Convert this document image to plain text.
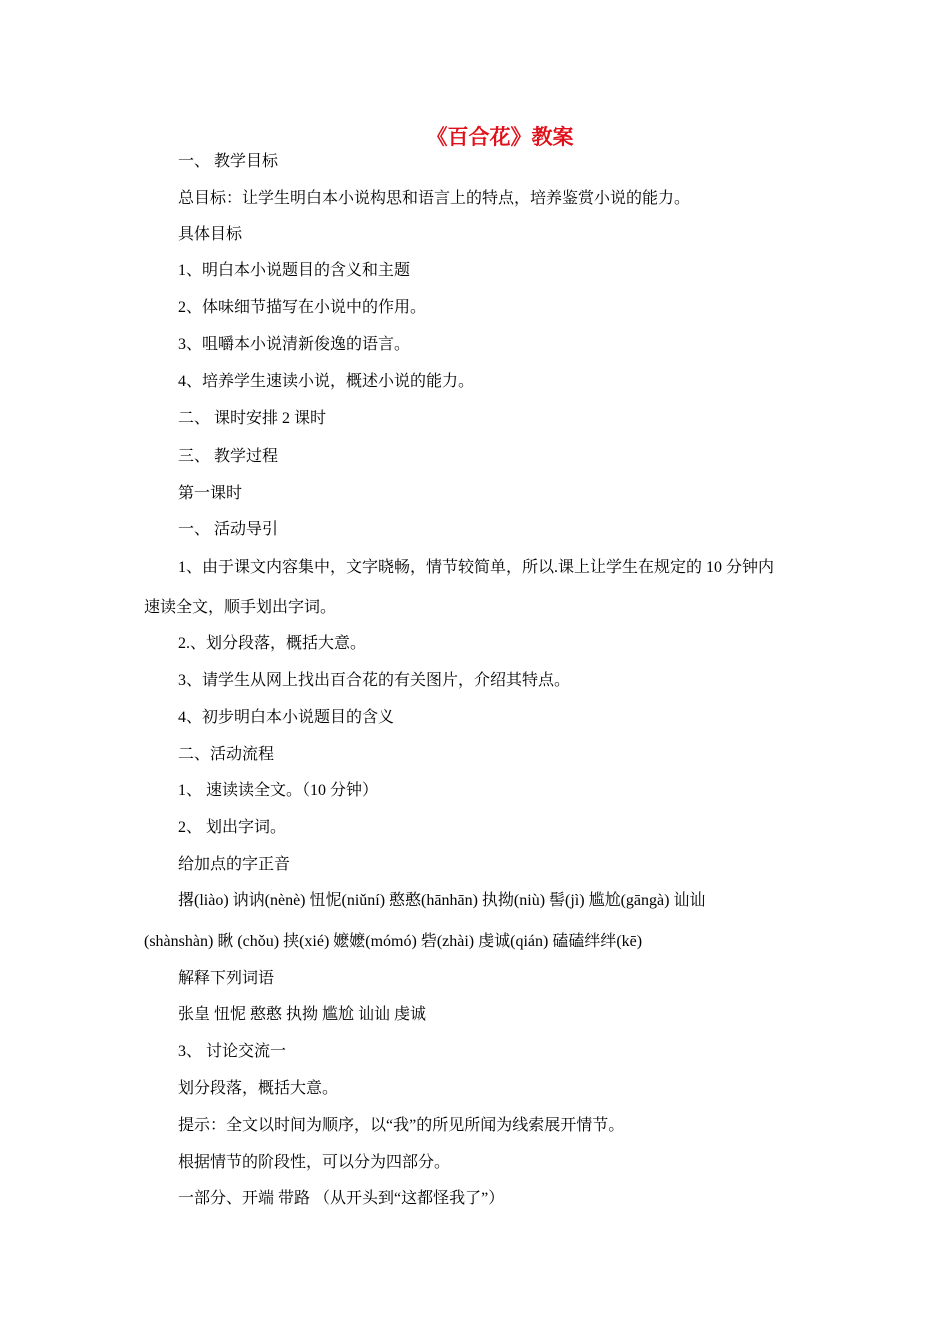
《百合花》教案
一、 教学目标
总目标：让学生明白本小说构思和语言上的特点，培养鉴赏小说的能力。
具体目标
1、明白本小说题目的含义和主题
2、体味细节描写在小说中的作用。
3、咀嚼本小说清新俊逸的语言。
4、培养学生速读小说，概述小说的能力。
二、 课时安排 2 课时
三、 教学过程
第一课时
一、 活动导引
1、由于课文内容集中，文字晓畅，情节较简单，所以.课上让学生在规定的 10 分钟内
速读全文，顺手划出字词。
2.、划分段落，概括大意。
3、请学生从网上找出百合花的有关图片，介绍其特点。
4、初步明白本小说题目的含义
二、活动流程
1、 速读读全文。（10 分钟）
2、 划出字词。
给加点的字正音
撂(liào) 讷讷(nènè) 忸怩(niǔní) 憨憨(hānhān) 执拗(niù) 髻(jì) 尴尬(gāngà) 讪讪
(shànshàn) 瞅 (chǒu) 挟(xié) 嬷嬷(mómó) 砦(zhài) 虔诚(qián) 磕磕绊绊(kē)
解释下列词语
张皇 忸怩 憨憨 执拗 尴尬 讪讪 虔诚
3、 讨论交流一
划分段落，概括大意。
提示：全文以时间为顺序，以“我”的所见所闻为线索展开情节。
根据情节的阶段性，可以分为四部分。
一部分、开端 带路 （从开头到“这都怪我了”）
